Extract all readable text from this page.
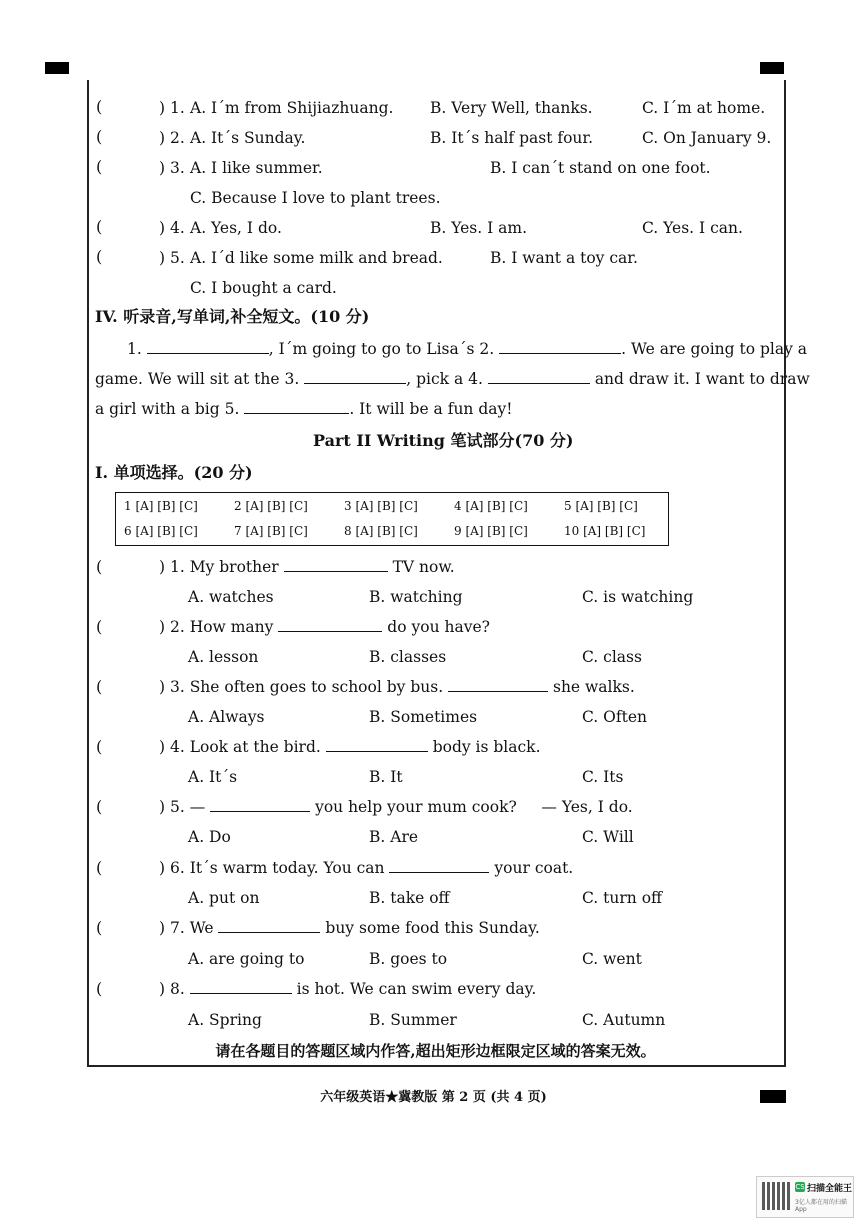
(	) 1. A. I´m from Shijiazhuang. B. Very Well, thanks.	C. I´m at home.
(	) 2. A. It´s Sunday.	B. It´s half past four.	C. On January 9.
(	) 3. A. I like summer.	B. I can´t stand on one foot.
C. Because I love to plant trees.
(	) 4. A. Yes, I do.	B. Yes. I am.	C. Yes. I can.
(	) 5. A. I´d like some milk and bread.	B. I want a toy car.
C. I bought a card.
IV. 听录音,写单词,补全短文。(10 分)
1.	, I´m going to go to Lisa´s 2.	. We are going to play a
game. We will sit at the 3.	, pick a 4.	and draw it. I want to draw
a girl with a big 5.	. It will be a fun day!
Part II Writing 笔试部分(70 分)
I. 单项选择。(20 分)
1 [A] [B] [C]	2 [A] [B] [C]	3 [A] [B] [C]	4 [A] [B] [C]	5 [A] [B] [C]
6 [A] [B] [C]	7 [A] [B] [C]	8 [A] [B] [C]	9 [A] [B] [C]	10 [A] [B] [C]
(	) 1. My brother	TV now.
A. watches	B. watching	C. is watching
(	) 2. How many	do you have?
A. lesson	B. classes	C. class
(	) 3. She often goes to school by bus.	she walks.
A. Always	B. Sometimes	C. Often
(	) 4. Look at the bird.	body is black.
A. It´s	B. It	C. Its
(	) 5. —	you help your mum cook?     — Yes, I do.
A. Do	B. Are	C. Will
(	) 6. It´s warm today. You can	your coat.
A. put on	B. take off	C. turn off
(	) 7. We	buy some food this Sunday.
A. are going to	B. goes to	C. went
(	) 8.	is hot. We can swim every day.
A. Spring	B. Summer	C. Autumn
请在各题目的答题区域内作答,超出矩形边框限定区域的答案无效。
六年级英语★冀教版 第 2 页 (共 4 页)
CS 扫描全能王
3亿人都在用的扫描App
